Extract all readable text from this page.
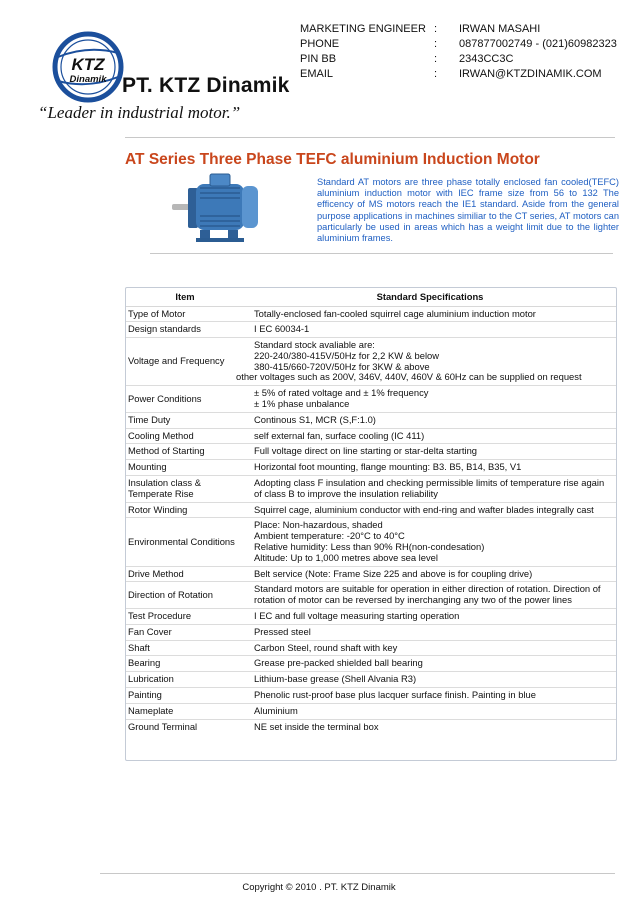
MARKETING ENGINEER :	IRWAN MASAHI
PHONE	:	087877002749 - (021)60982323
PIN BB	:	2343CC3C
EMAIL	:	IRWAN@KTZDINAMIK.COM
KTZ
Dinamik PT. KTZ Dinamik
“Leader in industrial motor.”
AT Series Three Phase TEFC aluminium Induction Motor
Standard AT motors are three phase totally enclosed fan cooled(TEFC) aluminium induction motor with IEC frame size from 56 to 132 The efficency of MS motors reach the IE1 standard. Aside from the general purpose applications in machines similiar to the CT series, AT motors can particularly be used in areas which has a weight limit due to the lighter aluminium frames.
Item	Standard Specifications
Type of Motor	Totally-enclosed fan-cooled squirrel cage aluminium induction motor

Design standards	I EC 60034-1

Voltage and Frequency	Standard stock avaliable are:
220-240/380-415V/50Hz for 2,2 KW & below
380-415/660-720V/50Hz for 3KW & above
other voltages such as 200V, 346V, 440V, 460V & 60Hz can be supplied on request

Power Conditions	± 5% of rated voltage and ± 1% frequency
± 1% phase unbalance

Time Duty	Continous S1, MCR (S,F:1.0)

Cooling Method	self external fan, surface cooling (IC 411)

Method of Starting	Full voltage direct on line starting or star-delta starting

Mounting	Horizontal foot mounting, flange mounting: B3. B5, B14, B35, V1

Insulation class & Temperate Rise	Adopting class F insulation and checking permissible limits of temperature rise again
of class B to improve the insulation reliability

Rotor Winding	Squirrel cage, aluminium conductor with end-ring and wafter blades integrally cast

Environmental Conditions	Place: Non-hazardous, shaded
Ambient temperature: -20°C to 40°C
Relative humidity: Less than 90% RH(non-condesation)
Altitude: Up to 1,000 metres above sea level

Drive Method	Belt service (Note: Frame Size 225 and above is for coupling drive)

Direction of Rotation	Standard motors are suitable for operation in either direction of rotation. Direction of
rotation of motor can be reversed by inerchanging any two of the power lines

Test Procedure	I EC and full voltage measuring starting operation

Fan Cover	Pressed steel

Shaft	Carbon Steel, round shaft with key

Bearing	Grease pre-packed shielded ball bearing

Lubrication	Lithium-base grease (Shell Alvania R3)

Painting	Phenolic rust-proof base plus lacquer surface finish. Painting in blue

Nameplate	Aluminium

Ground Terminal	NE set inside the terminal box
Copyright © 2010 . PT. KTZ Dinamik
